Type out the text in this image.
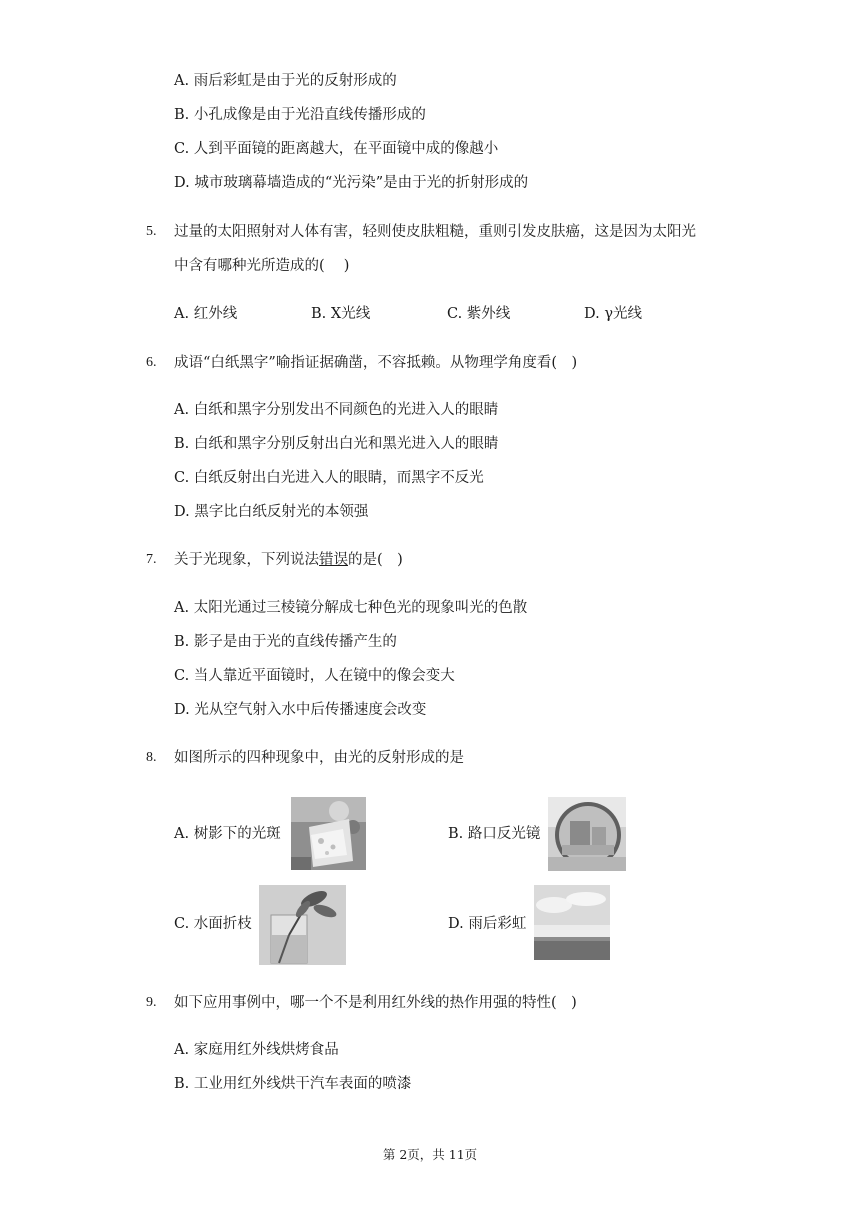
A. 雨后彩虹是由于光的反射形成的
B. 小孔成像是由于光沿直线传播形成的
C. 人到平面镜的距离越大，在平面镜中成的像越小
D. 城市玻璃幕墙造成的“光污染”是由于光的折射形成的
5. 过量的太阳照射对人体有害，轻则使皮肤粗糙，重则引发皮肤癌，这是因为太阳光
中含有哪种光所造成的(　 )
A. 红外线	B. X光线	C. 紫外线	D. γ光线
6. 成语“白纸黑字”喻指证据确凿，不容抵赖。从物理学角度看(　)
A. 白纸和黑字分别发出不同颜色的光进入人的眼睛
B. 白纸和黑字分别反射出白光和黑光进入人的眼睛
C. 白纸反射出白光进入人的眼睛，而黑字不反光
D. 黑字比白纸反射光的本领强
7. 关于光现象，下列说法错误的是(　)
A. 太阳光通过三棱镜分解成七种色光的现象叫光的色散
B. 影子是由于光的直线传播产生的
C. 当人靠近平面镜时，人在镜中的像会变大
D. 光从空气射入水中后传播速度会改变
8. 如图所示的四种现象中，由光的反射形成的是
A. 树影下的光斑	B. 路口反光镜
C. 水面折枝	D. 雨后彩虹
9. 如下应用事例中，哪一个不是利用红外线的热作用强的特性(　)
A. 家庭用红外线烘烤食品
B. 工业用红外线烘干汽车表面的喷漆
第 2页，共 11页
